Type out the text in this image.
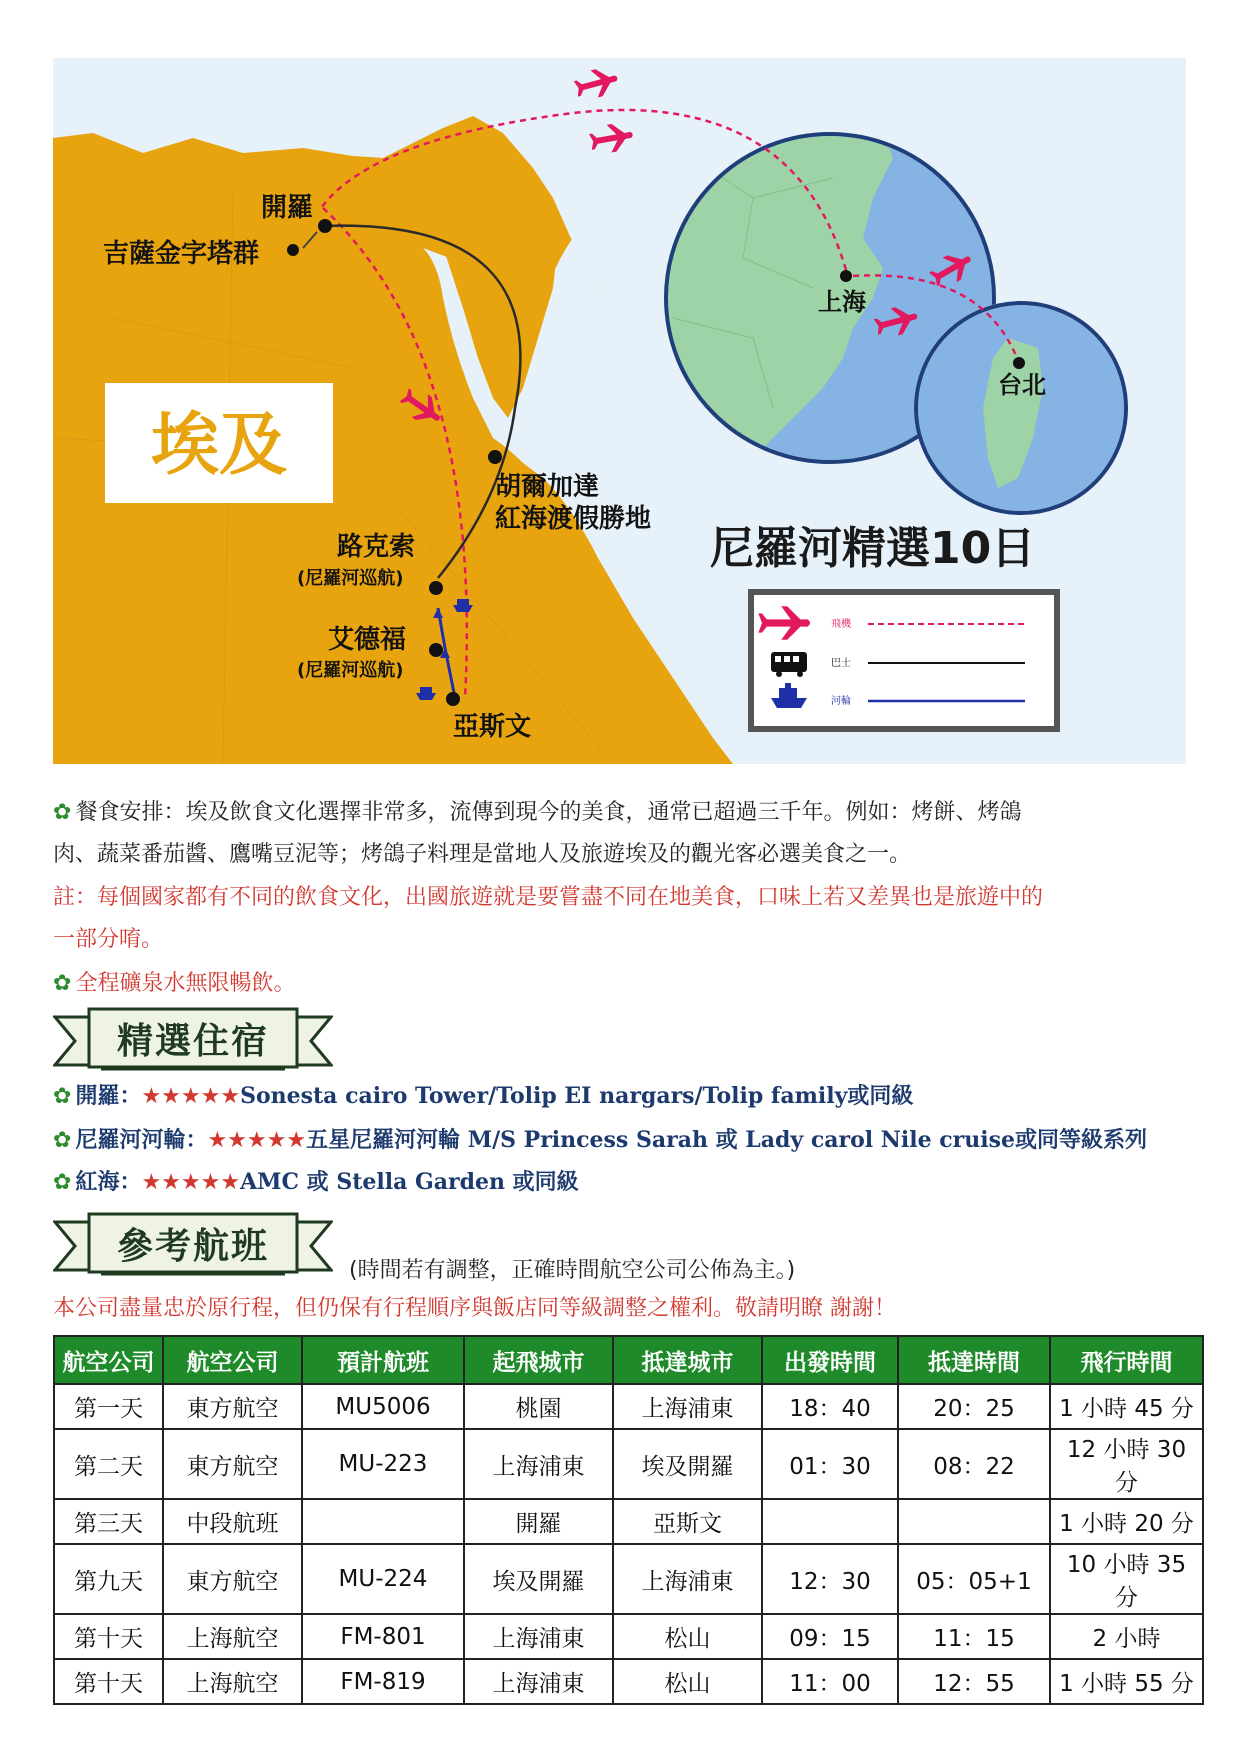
埃及
開羅
吉薩金字塔群
胡爾加達
紅海渡假勝地
路克索
(尼羅河巡航)
艾德福
(尼羅河巡航)
亞斯文
上海
台北
尼羅河精選10日
飛機
巴士
河輪
✿ 餐食安排：埃及飲食文化選擇非常多，流傳到現今的美食，通常已超過三千年。例如：烤餅、烤鴿
肉、蔬菜番茄醬、鷹嘴豆泥等；烤鴿子料理是當地人及旅遊埃及的觀光客必選美食之一。
註：每個國家都有不同的飲食文化，出國旅遊就是要嘗盡不同在地美食，口味上若又差異也是旅遊中的
一部分唷。
✿ 全程礦泉水無限暢飲。
精選住宿
✿ 開羅：★★★★★Sonesta cairo Tower/Tolip EI nargars/Tolip family或同級
✿ 尼羅河河輪：★★★★★五星尼羅河河輪 M/S Princess Sarah 或 Lady carol Nile cruise或同等級系列
✿ 紅海：★★★★★AMC 或 Stella Garden 或同級
參考航班
(時間若有調整，正確時間航空公司公佈為主。)
本公司盡量忠於原行程，但仍保有行程順序與飯店同等級調整之權利。敬請明瞭 謝謝！
航空公司	航空公司	預計航班	起飛城市	抵達城市	出發時間	抵達時間	飛行時間
第一天	東方航空	MU5006	桃園	上海浦東	18：40	20：25	1 小時 45 分
第二天	東方航空	MU-223	上海浦東	埃及開羅	01：30	08：22	12 小時 30 分
第三天	中段航班		開羅	亞斯文			1 小時 20 分
第九天	東方航空	MU-224	埃及開羅	上海浦東	12：30	05：05+1	10 小時 35 分
第十天	上海航空	FM-801	上海浦東	松山	09：15	11：15	2 小時
第十天	上海航空	FM-819	上海浦東	松山	11：00	12：55	1 小時 55 分
